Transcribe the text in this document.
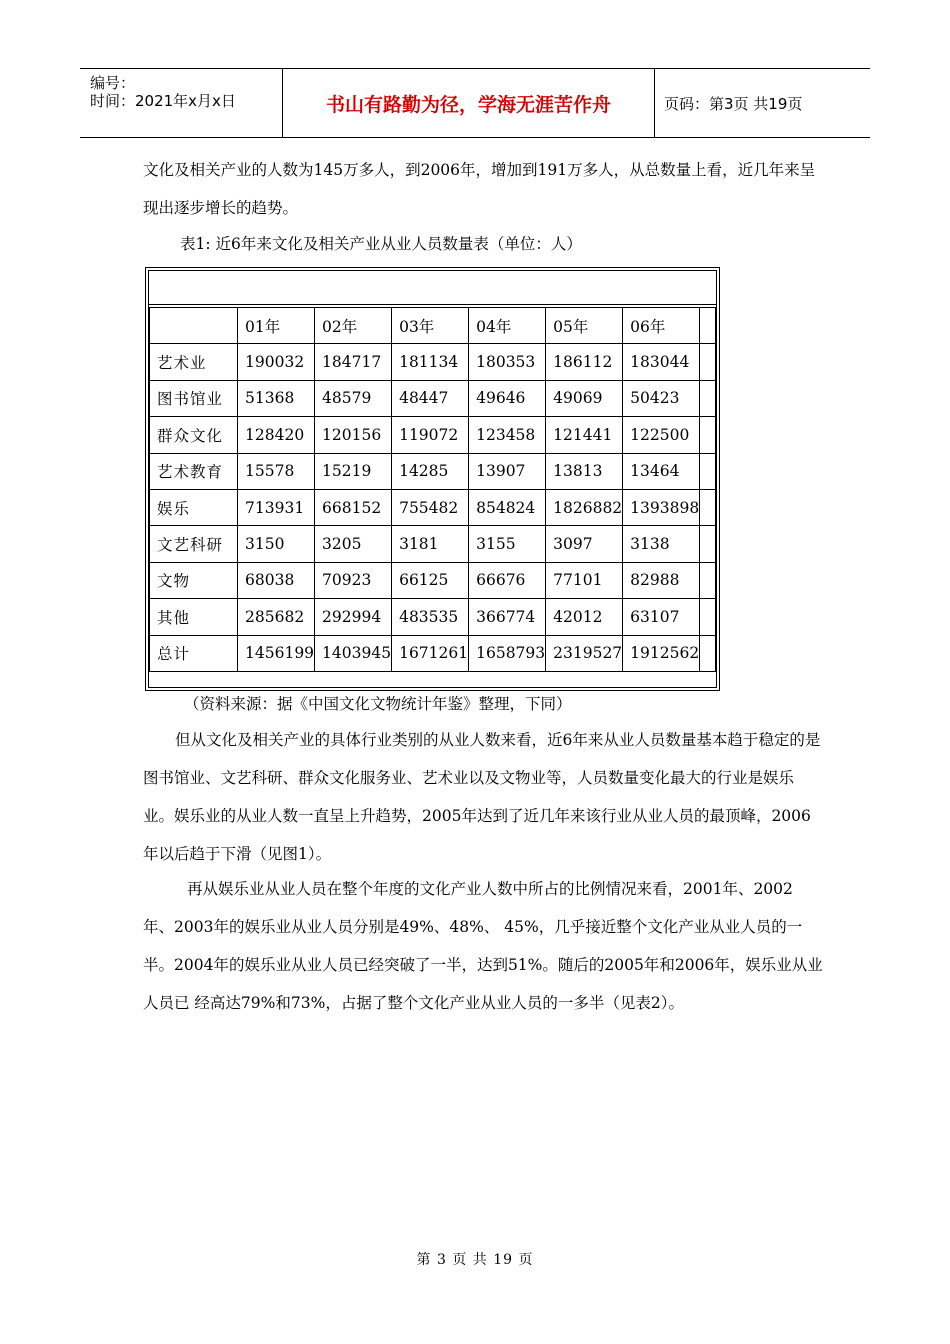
编号：
时间：2021年x月x日	书山有路勤为径，学海无涯苦作舟	页码：第3页 共19页

文化及相关产业的人数为145万多人，到2006年，增加到191万多人，从总数量上看，近几年来呈现出逐步增长的趋势。

表1: 近6年来文化及相关产业从业人员数量表（单位：人）
	01年	02年	03年	04年	05年	06年	
艺术业	190032	184717	181134	180353	186112	183044	
图书馆业	51368	48579	48447	49646	49069	50423	
群众文化	128420	120156	119072	123458	121441	122500	
艺术教育	15578	15219	14285	13907	13813	13464	
娱乐	713931	668152	755482	854824	1826882	1393898	
文艺科研	3150	3205	3181	3155	3097	3138	
文物	68038	70923	66125	66676	77101	82988	
其他	285682	292994	483535	366774	42012	63107	
总计	1456199	1403945	1671261	1658793	2319527	1912562	
（资料来源：据《中国文化文物统计年鉴》整理，下同）

但从文化及相关产业的具体行业类别的从业人数来看，近6年来从业人员数量基本趋于稳定的是图书馆业、文艺科研、群众文化服务业、艺术业以及文物业等，人员数量变化最大的行业是娱乐业。娱乐业的从业人数一直呈上升趋势，2005年达到了近几年来该行业从业人员的最顶峰，2006年以后趋于下滑（见图1）。

再从娱乐业从业人员在整个年度的文化产业人数中所占的比例情况来看，2001年、2002年、2003年的娱乐业从业人员分别是49%、48%、 45%，几乎接近整个文化产业从业人员的一半。2004年的娱乐业从业人员已经突破了一半，达到51%。随后的2005年和2006年，娱乐业从业人员已 经高达79%和73%，占据了整个文化产业从业人员的一多半（见表2）。

第 3 页 共 19 页
